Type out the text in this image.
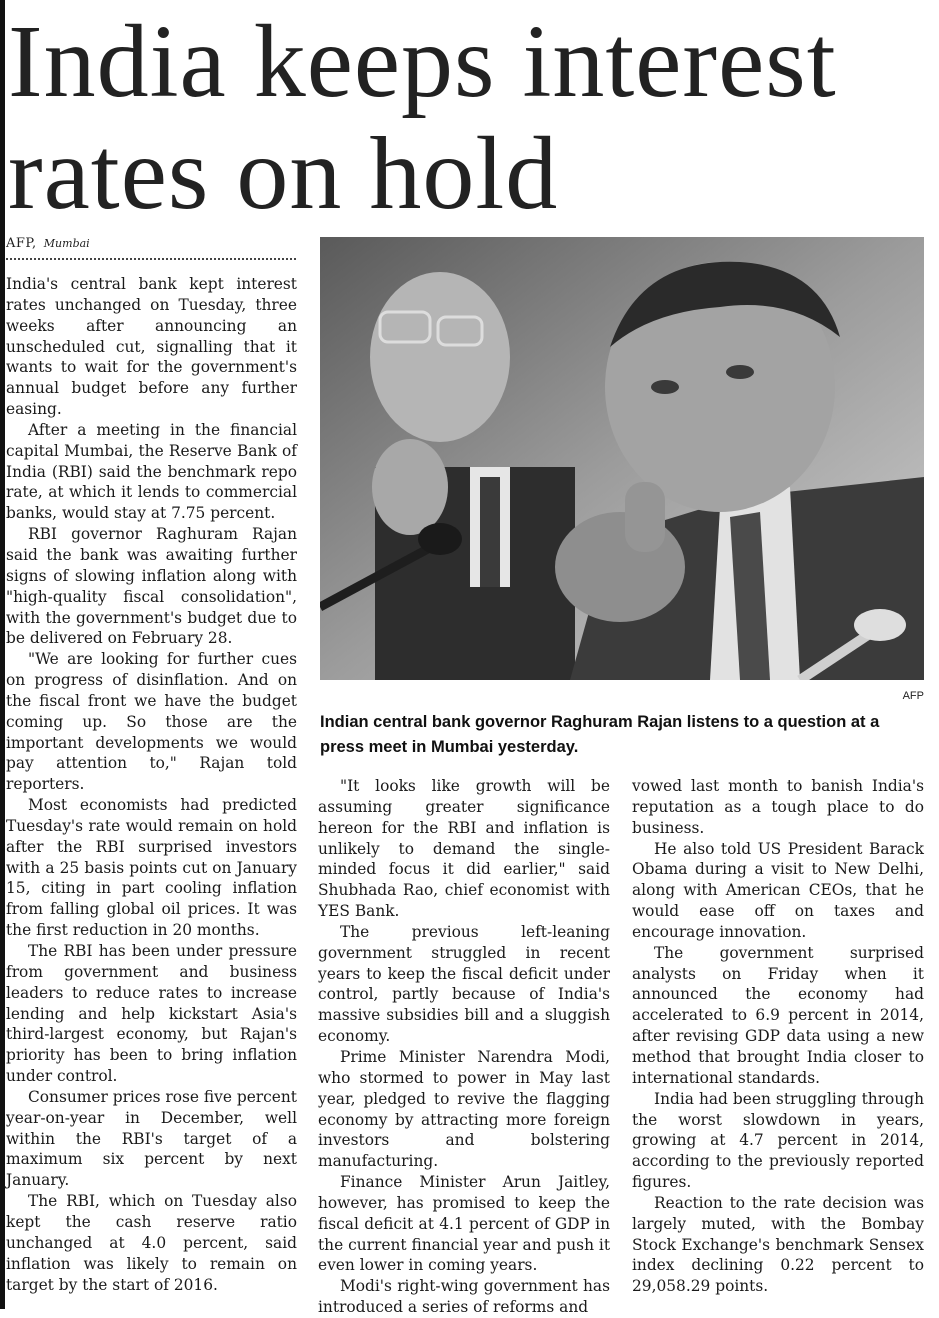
India keeps interest rates on hold
AFP, Mumbai

India's central bank kept interest rates unchanged on Tuesday, three weeks after announcing an unscheduled cut, signalling that it wants to wait for the government's annual budget before any further easing.

After a meeting in the financial capital Mumbai, the Reserve Bank of India (RBI) said the benchmark repo rate, at which it lends to commercial banks, would stay at 7.75 percent.

RBI governor Raghuram Rajan said the bank was awaiting further signs of slowing inflation along with "high-quality fiscal consolidation", with the government's budget due to be delivered on February 28.

"We are looking for further cues on progress of disinflation. And on the fiscal front we have the budget coming up. So those are the important developments we would pay attention to," Rajan told reporters.

Most economists had predicted Tuesday's rate would remain on hold after the RBI surprised investors with a 25 basis points cut on January 15, citing in part cooling inflation from falling global oil prices. It was the first reduction in 20 months.

The RBI has been under pressure from government and business leaders to reduce rates to increase lending and help kickstart Asia's third-largest economy, but Rajan's priority has been to bring inflation under control.

Consumer prices rose five percent year-on-year in December, well within the RBI's target of a maximum six percent by next January.

The RBI, which on Tuesday also kept the cash reserve ratio unchanged at 4.0 percent, said inflation was likely to remain on target by the start of 2016.

AFP
Indian central bank governor Raghuram Rajan listens to a question at a press meet in Mumbai yesterday.

"It looks like growth will be assuming greater significance hereon for the RBI and inflation is unlikely to demand the single-minded focus it did earlier," said Shubhada Rao, chief economist with YES Bank.

The previous left-leaning government struggled in recent years to keep the fiscal deficit under control, partly because of India's massive subsidies bill and a sluggish economy.

Prime Minister Narendra Modi, who stormed to power in May last year, pledged to revive the flagging economy by attracting more foreign investors and bolstering manufacturing.

Finance Minister Arun Jaitley, however, has promised to keep the fiscal deficit at 4.1 percent of GDP in the current financial year and push it even lower in coming years.

Modi's right-wing government has introduced a series of reforms and

vowed last month to banish India's reputation as a tough place to do business.

He also told US President Barack Obama during a visit to New Delhi, along with American CEOs, that he would ease off on taxes and encourage innovation.

The government surprised analysts on Friday when it announced the economy had accelerated to 6.9 percent in 2014, after revising GDP data using a new method that brought India closer to international standards.

India had been struggling through the worst slowdown in years, growing at 4.7 percent in 2014, according to the previously reported figures.

Reaction to the rate decision was largely muted, with the Bombay Stock Exchange's benchmark Sensex index declining 0.22 percent to 29,058.29 points.
